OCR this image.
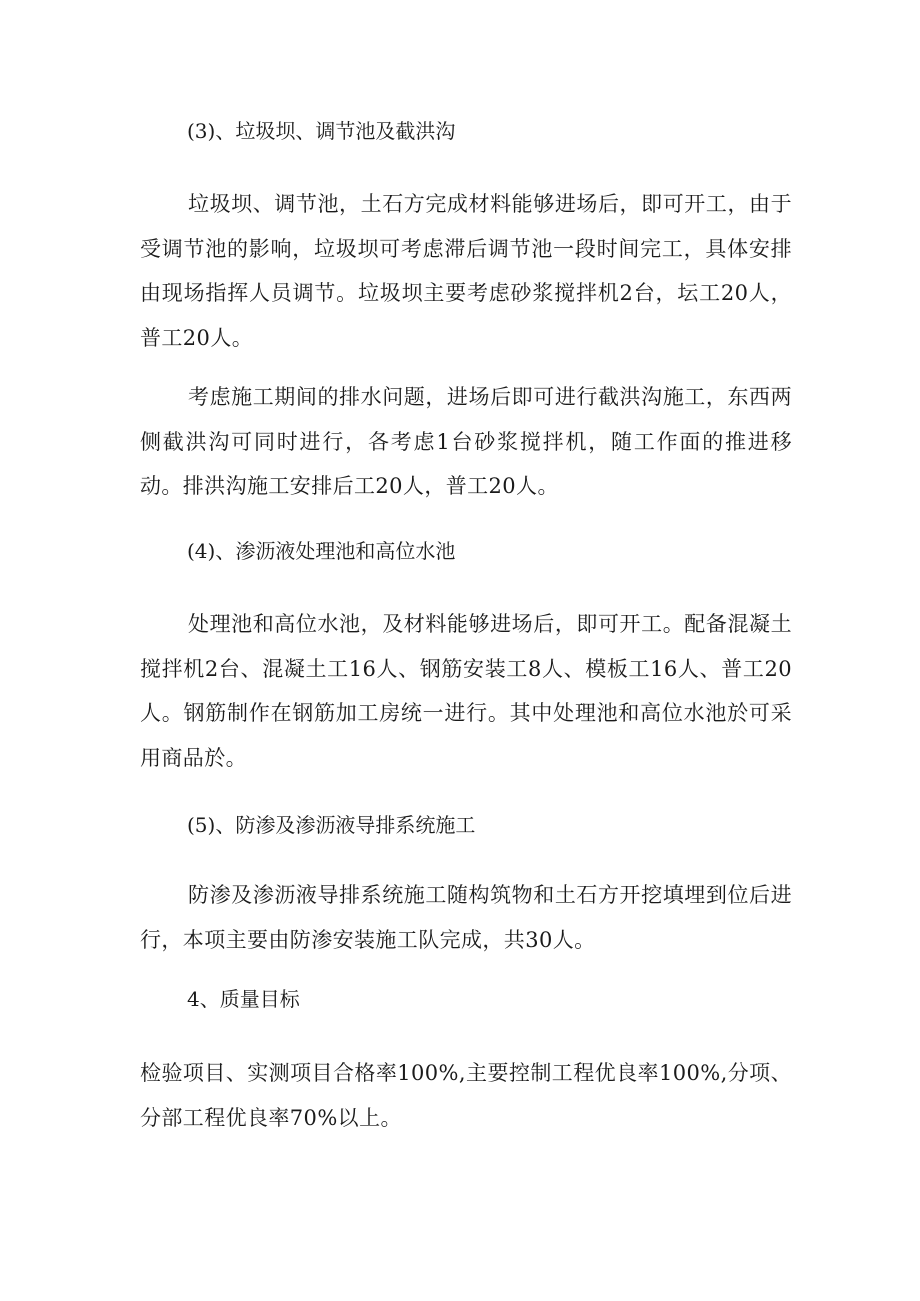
(3)、垃圾坝、调节池及截洪沟
垃圾坝、调节池，土石方完成材料能够进场后，即可开工，由于受调节池的影响，垃圾坝可考虑滞后调节池一段时间完工，具体安排由现场指挥人员调节。垃圾坝主要考虑砂浆搅拌机2台，坛工20人，普工20人。
考虑施工期间的排水问题，进场后即可进行截洪沟施工，东西两侧截洪沟可同时进行，各考虑1台砂浆搅拌机，随工作面的推进移动。排洪沟施工安排后工20人，普工20人。
(4)、渗沥液处理池和高位水池
处理池和高位水池，及材料能够进场后，即可开工。配备混凝土搅拌机2台、混凝土工16人、钢筋安装工8人、模板工16人、普工20人。钢筋制作在钢筋加工房统一进行。其中处理池和高位水池於可采用商品於。
(5)、防渗及渗沥液导排系统施工
防渗及渗沥液导排系统施工随构筑物和土石方开挖填埋到位后进行，本项主要由防渗安装施工队完成，共30人。
4、质量目标
检验项目、实测项目合格率100%,主要控制工程优良率100%,分项、分部工程优良率70%以上。
